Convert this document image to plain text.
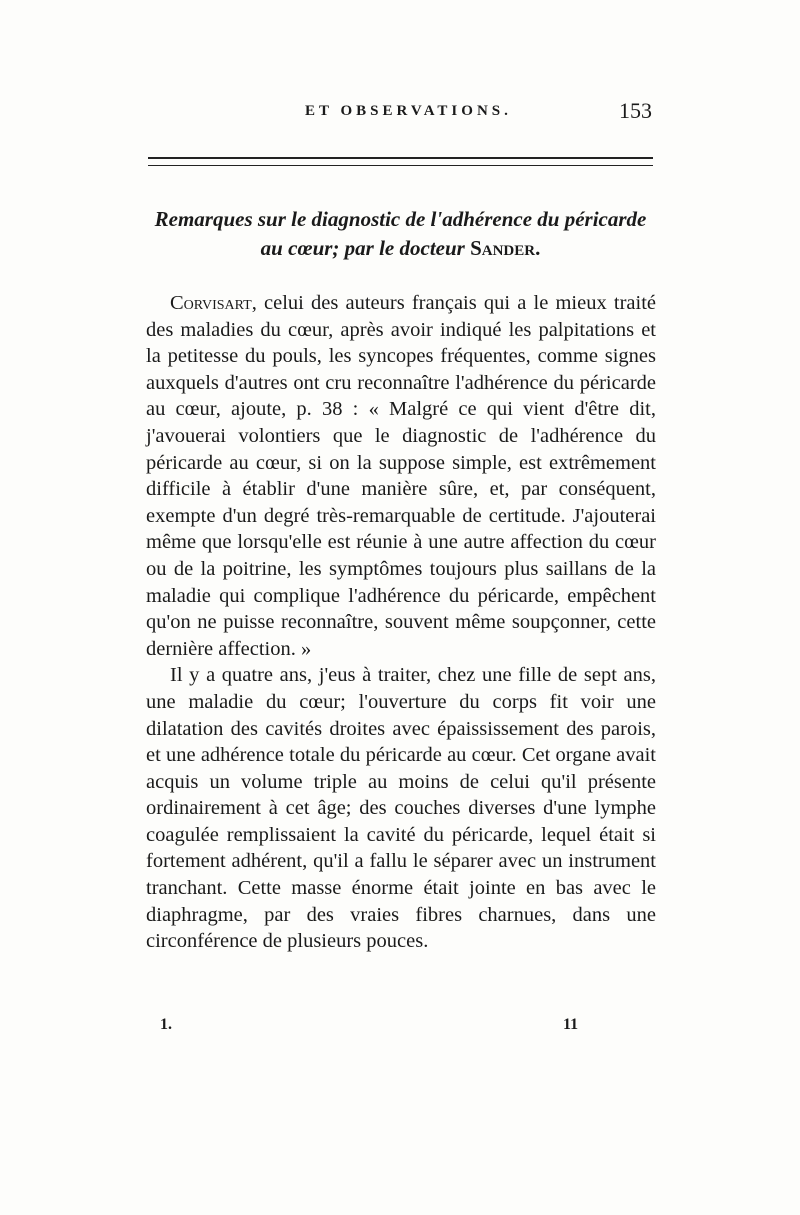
ET OBSERVATIONS.	153
Remarques sur le diagnostic de l'adhérence du péricarde
au cœur; par le docteur Sander.

Corvisart, celui des auteurs français qui a le mieux traité des maladies du cœur, après avoir indiqué les palpitations et la petitesse du pouls, les syncopes fréquentes, comme signes auxquels d'autres ont cru reconnaître l'adhérence du péricarde au cœur, ajoute, p. 38 : « Malgré ce qui vient d'être dit, j'avouerai volontiers que le diagnostic de l'adhérence du péricarde au cœur, si on la suppose simple, est extrêmement difficile à établir d'une manière sûre, et, par conséquent, exempte d'un degré très-remarquable de certitude. J'ajouterai même que lorsqu'elle est réunie à une autre affection du cœur ou de la poitrine, les symptômes toujours plus saillans de la maladie qui complique l'adhérence du péricarde, empêchent qu'on ne puisse reconnaître, souvent même soupçonner, cette dernière affection. »

Il y a quatre ans, j'eus à traiter, chez une fille de sept ans, une maladie du cœur; l'ouverture du corps fit voir une dilatation des cavités droites avec épaississement des parois, et une adhérence totale du péricarde au cœur. Cet organe avait acquis un volume triple au moins de celui qu'il présente ordinairement à cet âge; des couches diverses d'une lymphe coagulée remplissaient la cavité du péricarde, lequel était si fortement adhérent, qu'il a fallu le séparer avec un instrument tranchant. Cette masse énorme était jointe en bas avec le diaphragme, par des vraies fibres charnues, dans une circonférence de plusieurs pouces.

1.	11
